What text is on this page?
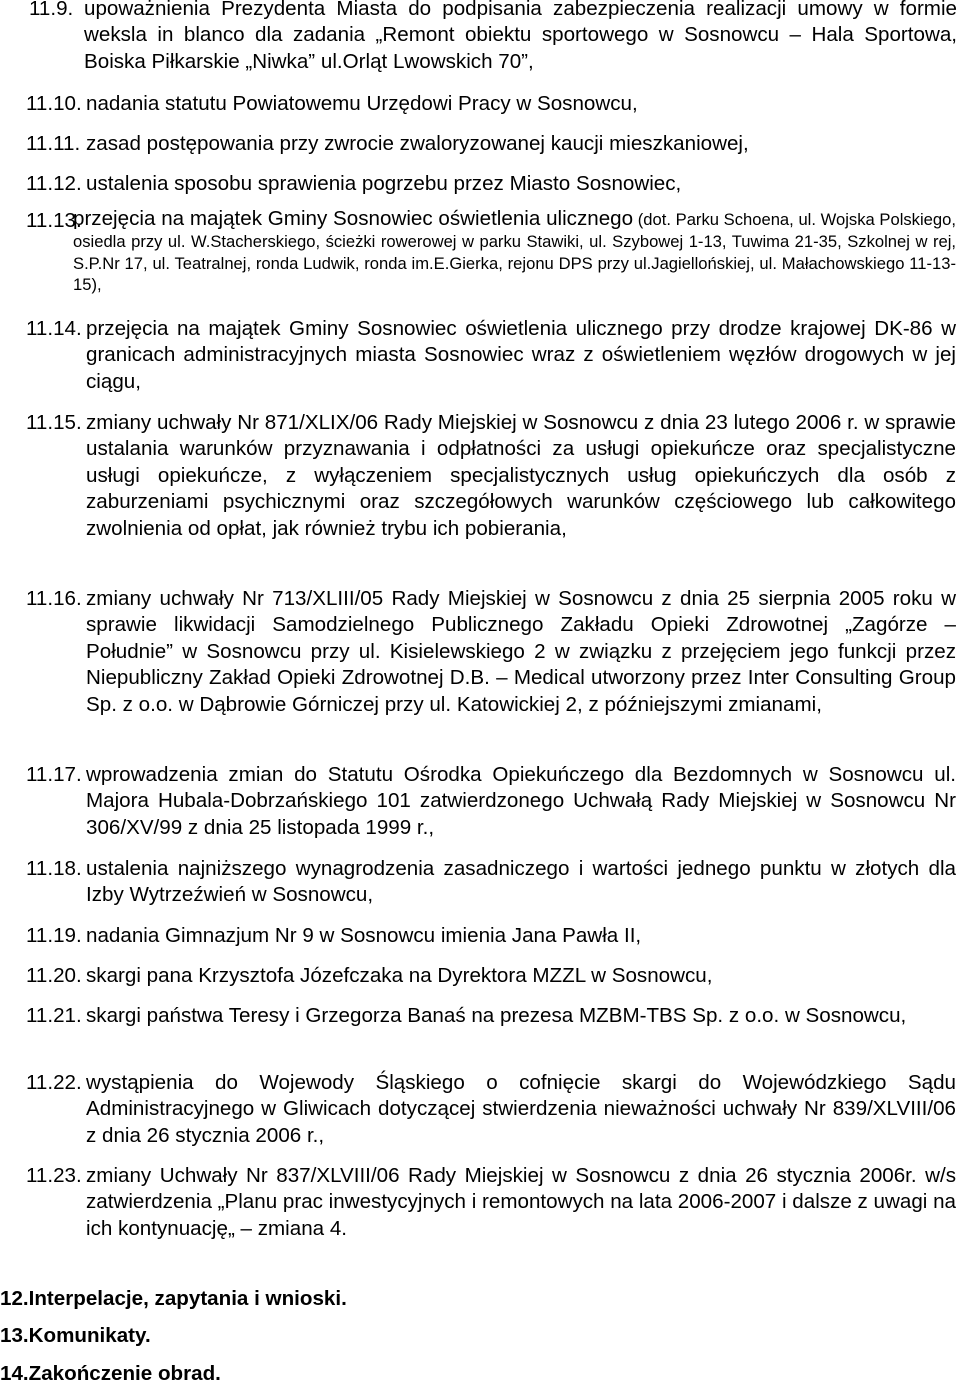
11.9. upoważnienia Prezydenta Miasta do podpisania zabezpieczenia realizacji umowy w formie weksla in blanco dla zadania „Remont obiektu sportowego w Sosnowcu – Hala Sportowa, Boiska Piłkarskie „Niwka” ul.Orląt Lwowskich 70”,

11.10. nadania statutu Powiatowemu Urzędowi Pracy w Sosnowcu,

11.11. zasad postępowania przy zwrocie zwaloryzowanej kaucji mieszkaniowej,

11.12. ustalenia sposobu sprawienia pogrzebu przez Miasto Sosnowiec,

11.13.

przejęcia na majątek Gminy Sosnowiec oświetlenia ulicznego (dot. Parku Schoena, ul. Wojska Polskiego, osiedla przy ul. W.Stacherskiego, ścieżki rowerowej w parku Stawiki, ul. Szybowej 1-13, Tuwima 21-35, Szkolnej w rej, S.P.Nr 17, ul. Teatralnej, ronda Ludwik, ronda im.E.Gierka, rejonu DPS przy ul.Jagiellońskiej, ul. Małachowskiego 11-13-15),

11.14. przejęcia na majątek Gminy Sosnowiec oświetlenia ulicznego przy drodze krajowej DK-86 w granicach administracyjnych miasta Sosnowiec wraz z oświetleniem węzłów drogowych w jej ciągu,

11.15. zmiany uchwały Nr 871/XLIX/06 Rady Miejskiej w Sosnowcu z dnia 23 lutego 2006 r. w sprawie ustalania warunków przyznawania i odpłatności za usługi opiekuńcze oraz specjalistyczne usługi opiekuńcze, z wyłączeniem specjalistycznych usług opiekuńczych dla osób z zaburzeniami psychicznymi oraz szczegółowych warunków częściowego lub całkowitego zwolnienia od opłat, jak również trybu ich pobierania,

11.16. zmiany uchwały Nr 713/XLIII/05 Rady Miejskiej w Sosnowcu z dnia 25 sierpnia 2005 roku w sprawie likwidacji Samodzielnego Publicznego Zakładu Opieki Zdrowotnej „Zagórze – Południe” w Sosnowcu przy ul. Kisielewskiego 2 w związku z przejęciem jego funkcji przez Niepubliczny Zakład Opieki Zdrowotnej D.B. – Medical utworzony przez Inter Consulting Group Sp. z o.o. w Dąbrowie Górniczej przy ul. Katowickiej 2, z późniejszymi zmianami,

11.17. wprowadzenia zmian do Statutu Ośrodka Opiekuńczego dla Bezdomnych w Sosnowcu ul. Majora Hubala-Dobrzańskiego 101 zatwierdzonego Uchwałą Rady Miejskiej w Sosnowcu Nr 306/XV/99 z dnia 25 listopada 1999 r.,

11.18. ustalenia najniższego wynagrodzenia zasadniczego i wartości jednego punktu w złotych dla Izby Wytrzeźwień w Sosnowcu,

11.19. nadania Gimnazjum Nr 9 w Sosnowcu imienia Jana Pawła II,

11.20. skargi pana Krzysztofa Józefczaka na Dyrektora MZZL w Sosnowcu,

11.21. skargi państwa Teresy i Grzegorza Banaś na prezesa MZBM-TBS Sp. z o.o. w Sosnowcu,

11.22. wystąpienia do Wojewody Śląskiego o cofnięcie skargi do Wojewódzkiego Sądu Administracyjnego w Gliwicach dotyczącej stwierdzenia nieważności uchwały Nr 839/XLVIII/06 z dnia 26 stycznia 2006 r.,

11.23. zmiany Uchwały Nr 837/XLVIII/06 Rady Miejskiej w Sosnowcu z dnia 26 stycznia 2006r. w/s zatwierdzenia „Planu prac inwestycyjnych i remontowych na lata 2006-2007 i dalsze z uwagi na ich kontynuację„ – zmiana 4.

12.Interpelacje, zapytania i wnioski.
13.Komunikaty.
14.Zakończenie obrad.
